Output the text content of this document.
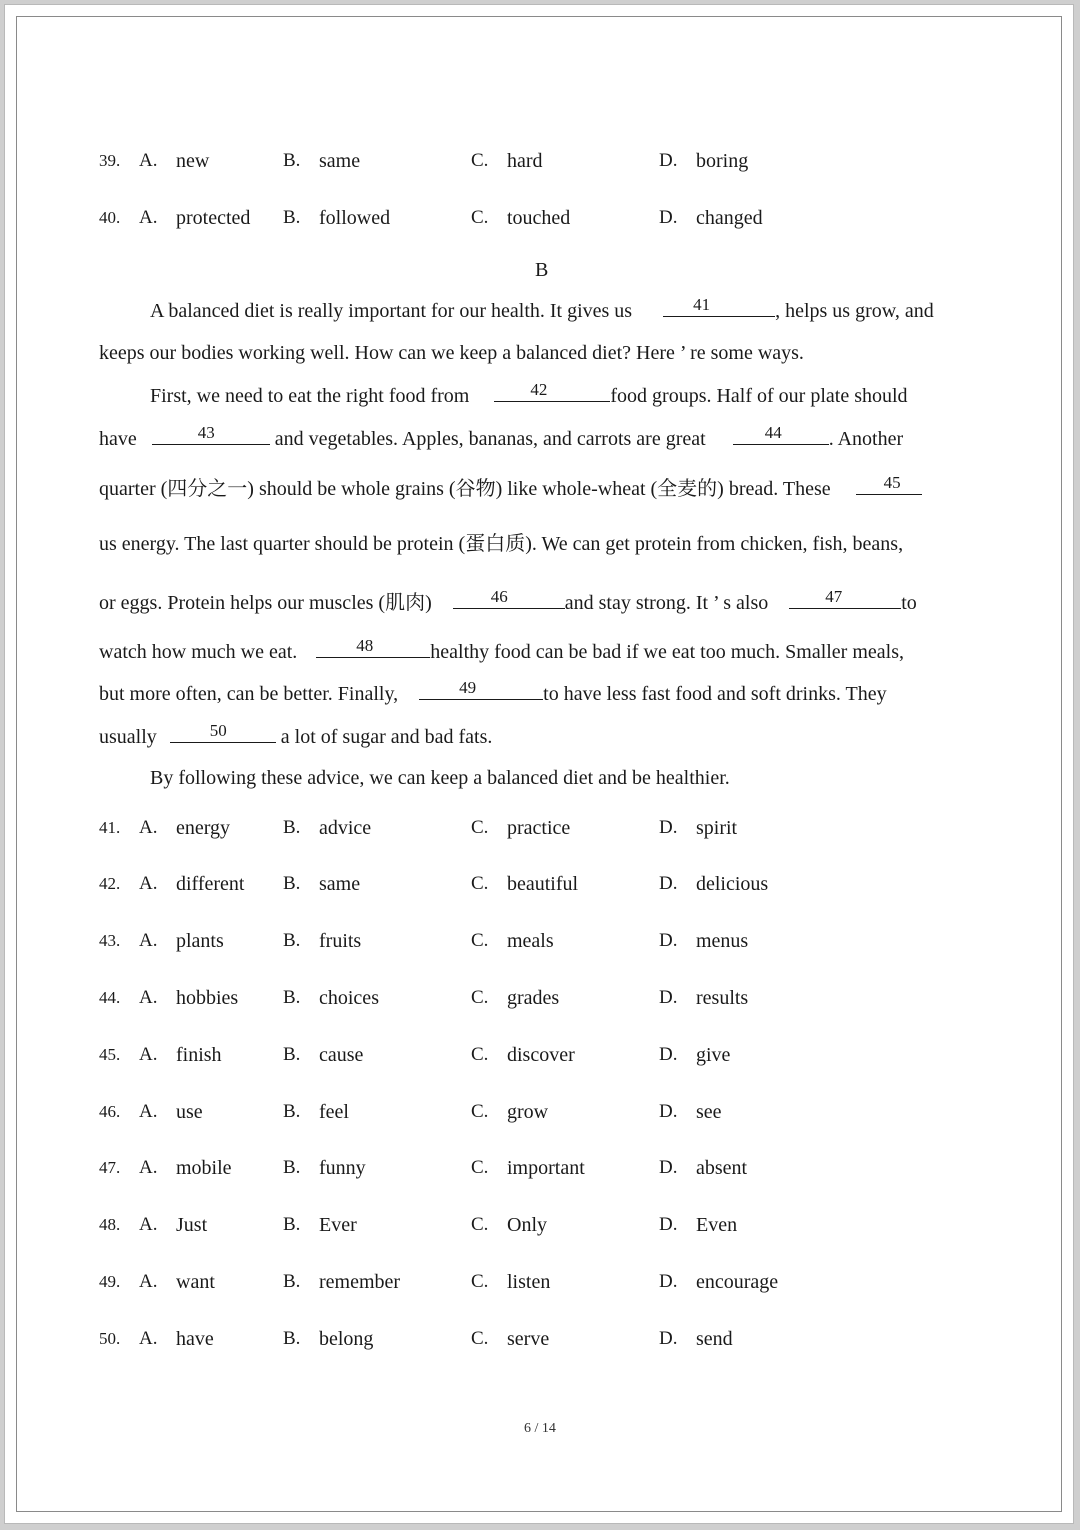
39. A. new	B. same	C. hard	D. boring
40. A. protected B. followed	C. touched	D. changed
B
A balanced diet is really important for our health. It gives us	41	, helps us grow, and
keeps our bodies working well. How can we keep a balanced diet? Here ’ re some ways.
First, we need to eat the right food from	42	food groups. Half of our plate should
have	43	and vegetables. Apples, bananas, and carrots are great	44 . Another
quarter (四分之一) should be whole grains (谷物) like whole-wheat (全麦的) bread. These	45
us energy. The last quarter should be protein (蛋白质). We can get protein from chicken, fish, beans,
or eggs. Protein helps our muscles (肌肉)	46	and stay strong. It ’ s also	47	to
watch how much we eat.	48	healthy food can be bad if we eat too much. Smaller meals,
but more often, can be better. Finally,	49	to have less fast food and soft drinks. They
usually	50	a lot of sugar and bad fats.
By following these advice, we can keep a balanced diet and be healthier.
41. A. energy	B. advice	C. practice	D. spirit
42. A. different B. same	C. beautiful	D. delicious
43. A. plants	B. fruits	C. meals	D. menus
44. A. hobbies B. choices	C. grades	D. results
45. A. finish	B. cause	C. discover	D. give
46. A. use	B. feel	C. grow	D. see
47. A. mobile	B. funny	C. important	D. absent
48. A. Just	B. Ever	C. Only	D. Even
49. A. want	B. remember	C. listen	D. encourage
50. A. have	B. belong	C. serve	D. send
6 / 14
